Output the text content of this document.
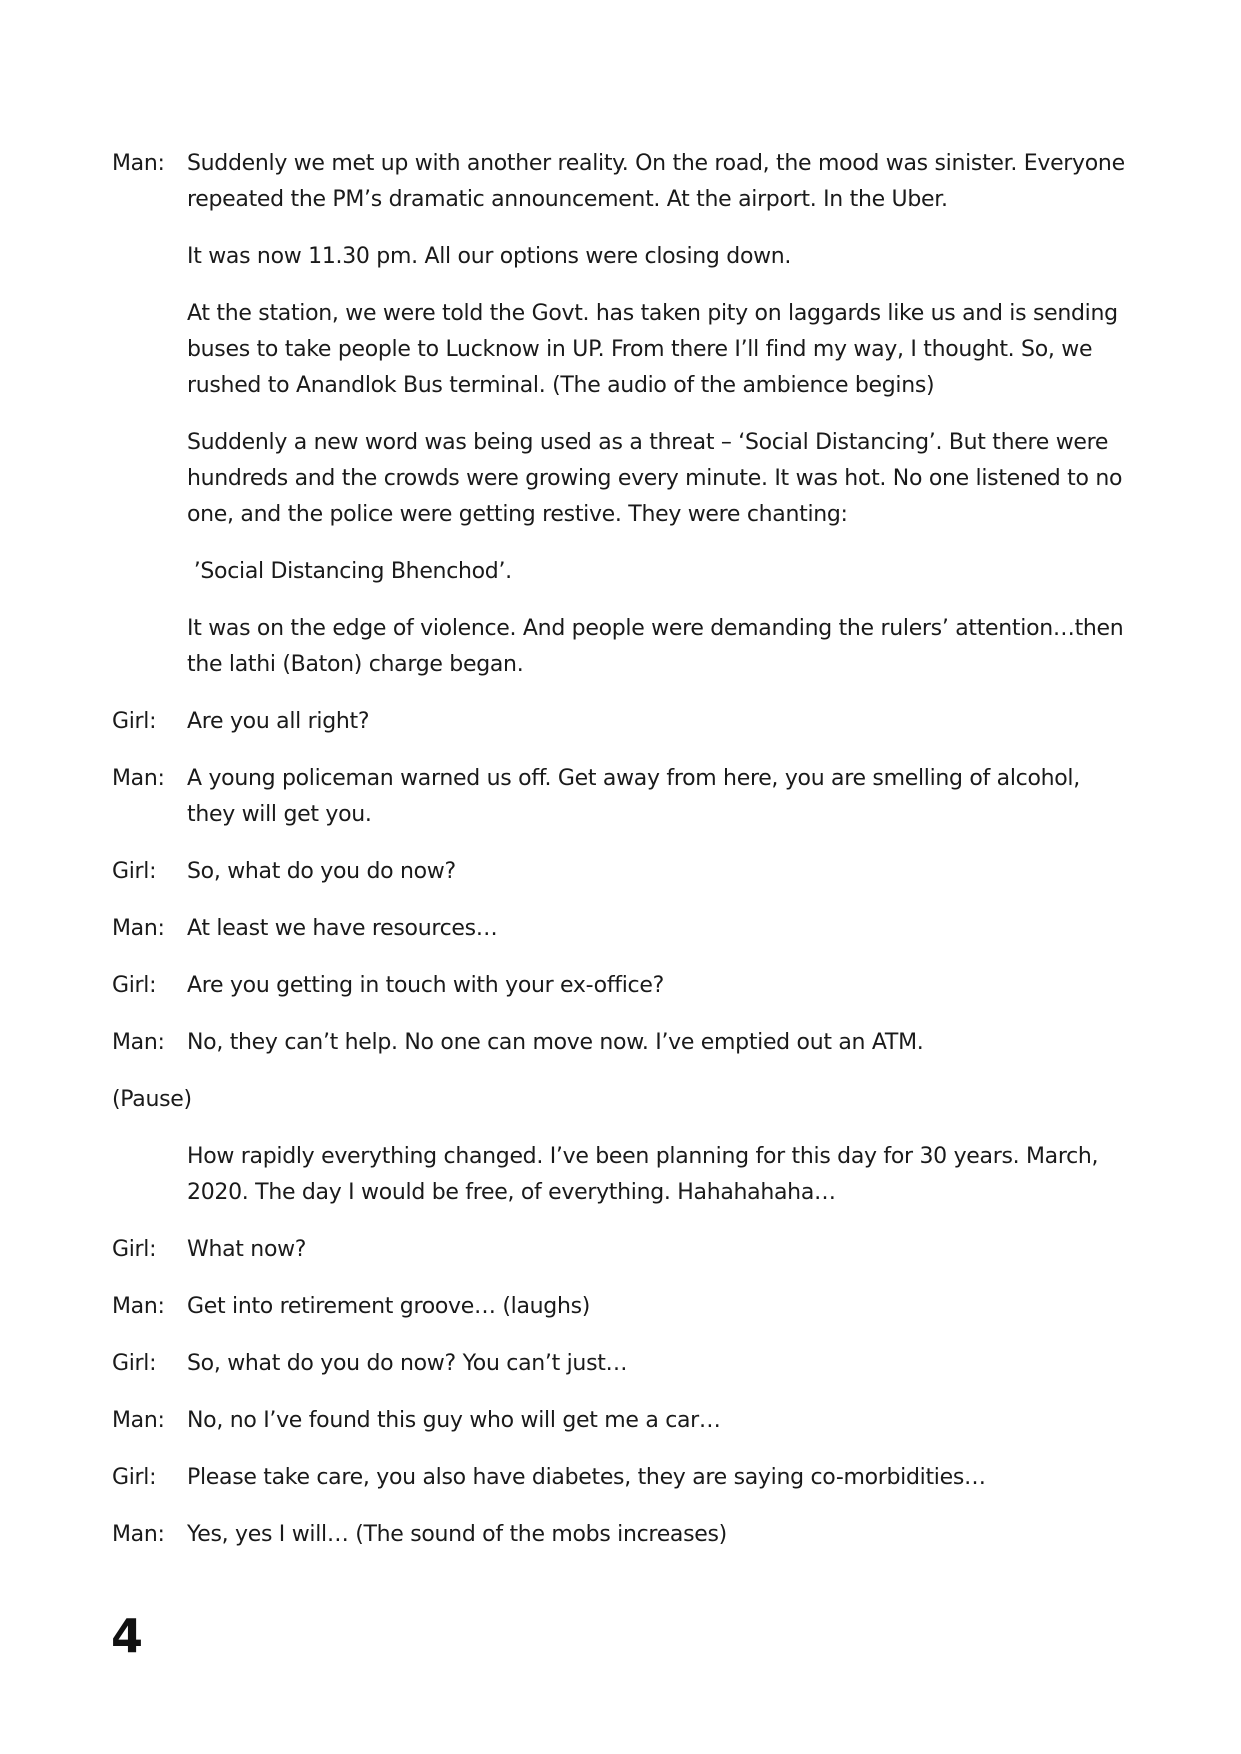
Man:	Suddenly we met up with another reality. On the road, the mood was sinister. Everyone repeated the PM’s dramatic announcement. At the airport. In the Uber.

It was now 11.30 pm. All our options were closing down.

At the station, we were told the Govt. has taken pity on laggards like us and is sending buses to take people to Lucknow in UP. From there I’ll find my way, I thought. So, we rushed to Anandlok Bus terminal. (The audio of the ambience begins)

Suddenly a new word was being used as a threat – ‘Social Distancing’. But there were hundreds and the crowds were growing every minute. It was hot. No one listened to no one, and the police were getting restive. They were chanting:

’Social Distancing Bhenchod’.

It was on the edge of violence. And people were demanding the rulers’ attention…then the lathi (Baton) charge began.

Girl:	Are you all right?

Man:	A young policeman warned us off. Get away from here, you are smelling of alcohol, they will get you.

Girl:	So, what do you do now?

Man:	At least we have resources…

Girl:	Are you getting in touch with your ex-office?

Man:	No, they can’t help. No one can move now. I’ve emptied out an ATM.

(Pause)

How rapidly everything changed. I’ve been planning for this day for 30 years. March, 2020. The day I would be free, of everything. Hahahahaha…

Girl:	What now?

Man:	Get into retirement groove… (laughs)

Girl:	So, what do you do now? You can’t just…

Man:	No, no I’ve found this guy who will get me a car…

Girl:	Please take care, you also have diabetes, they are saying co-morbidities…

Man:	Yes, yes I will… (The sound of the mobs increases)

4
